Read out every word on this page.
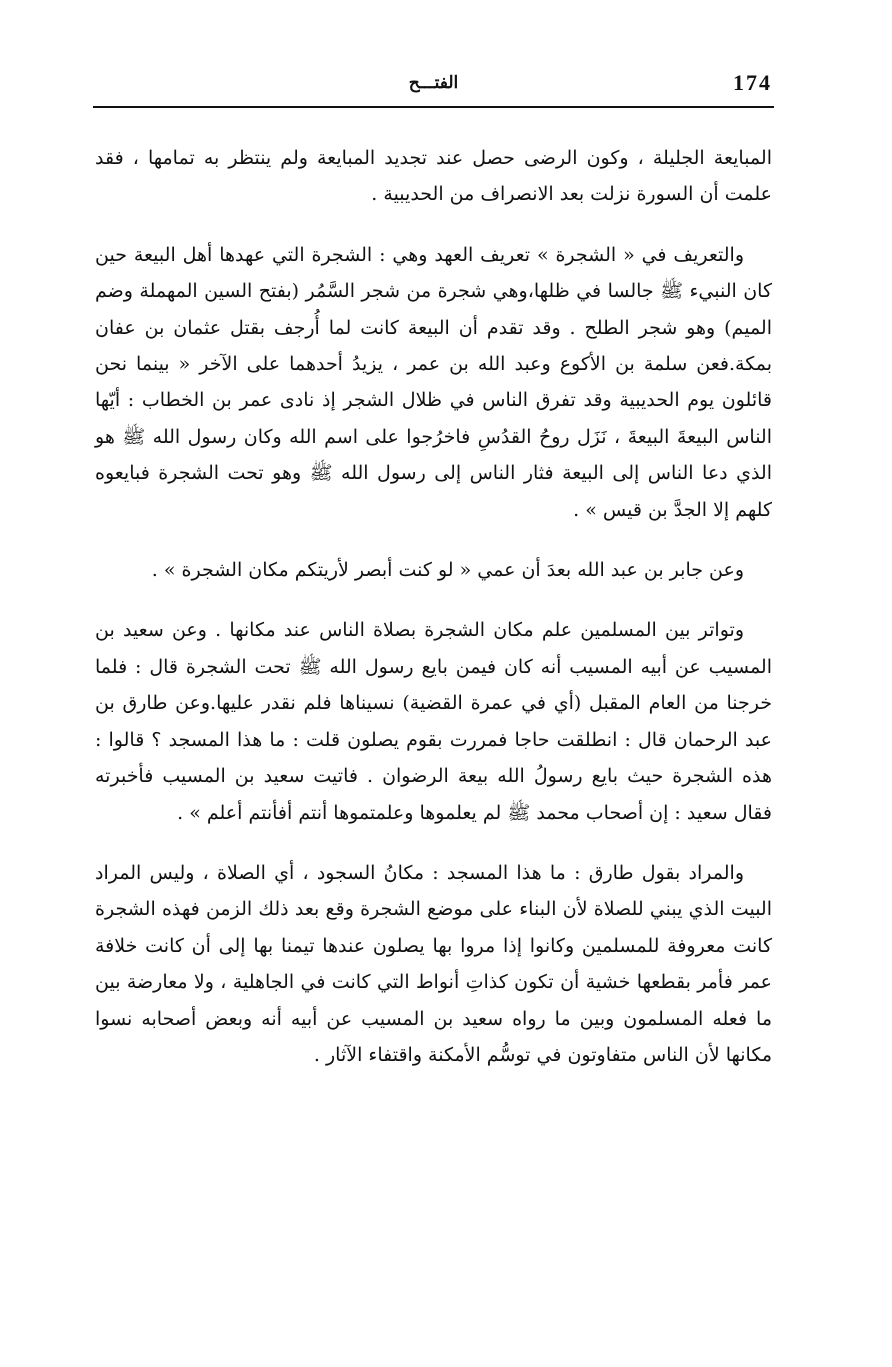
174
الفتـــح

المبايعة الجليلة ، وكون الرضى حصل عند تجديد المبايعة ولم ينتظر به تمامها ، فقد علمت أن السورة نزلت بعد الانصراف من الحديبية .

والتعريف في « الشجرة » تعريف العهد وهي : الشجرة التي عهدها أهل البيعة حين كان النبيء ﷺ جالسا في ظلها،وهي شجرة من شجر السَّمُر (بفتح السين المهملة وضم الميم) وهو شجر الطلح . وقد تقدم أن البيعة كانت لما أُرجف بقتل عثمان بن عفان بمكة.فعن سلمة بن الأكوع وعبد الله بن عمر ، يزيدُ أحدهما على الآخر « بينما نحن قائلون يوم الحديبية وقد تفرق الناس في ظلال الشجر إذ نادى عمر بن الخطاب : أيّها الناس البيعةَ البيعةَ ، نَزَل روحُ القدُسِ فاخرُجوا على اسم الله وكان رسول الله ﷺ هو الذي دعا الناس إلى البيعة فثار الناس إلى رسول الله ﷺ وهو تحت الشجرة فبايعوه كلهم إلا الجدَّ بن قيس » .

وعن جابر بن عبد الله بعدَ أن عمي « لو كنت أبصر لأريتكم مكان الشجرة » .

وتواتر بين المسلمين علم مكان الشجرة بصلاة الناس عند مكانها . وعن سعيد بن المسيب عن أبيه المسيب أنه كان فيمن بايع رسول الله ﷺ تحت الشجرة قال : فلما خرجنا من العام المقبل (أي في عمرة القضية) نسيناها فلم نقدر عليها.وعن طارق بن عبد الرحمان قال : انطلقت حاجا فمررت بقوم يصلون قلت : ما هذا المسجد ؟ قالوا : هذه الشجرة حيث بايع رسولُ الله بيعة الرضوان . فاتيت سعيد بن المسيب فأخبرته فقال سعيد : إن أصحاب محمد ﷺ لم يعلموها وعلمتموها أنتم أفأنتم أعلم » .

والمراد بقول طارق : ما هذا المسجد : مكانُ السجود ، أي الصلاة ، وليس المراد البيت الذي يبني للصلاة لأن البناء على موضع الشجرة وقع بعد ذلك الزمن فهذه الشجرة كانت معروفة للمسلمين وكانوا إذا مروا بها يصلون عندها تيمنا بها إلى أن كانت خلافة عمر فأمر بقطعها خشية أن تكون كذاتِ أنواط التي كانت في الجاهلية ، ولا معارضة بين ما فعله المسلمون وبين ما رواه سعيد بن المسيب عن أبيه أنه وبعض أصحابه نسوا مكانها لأن الناس متفاوتون في توسُّم الأمكنة واقتفاء الآثار .
